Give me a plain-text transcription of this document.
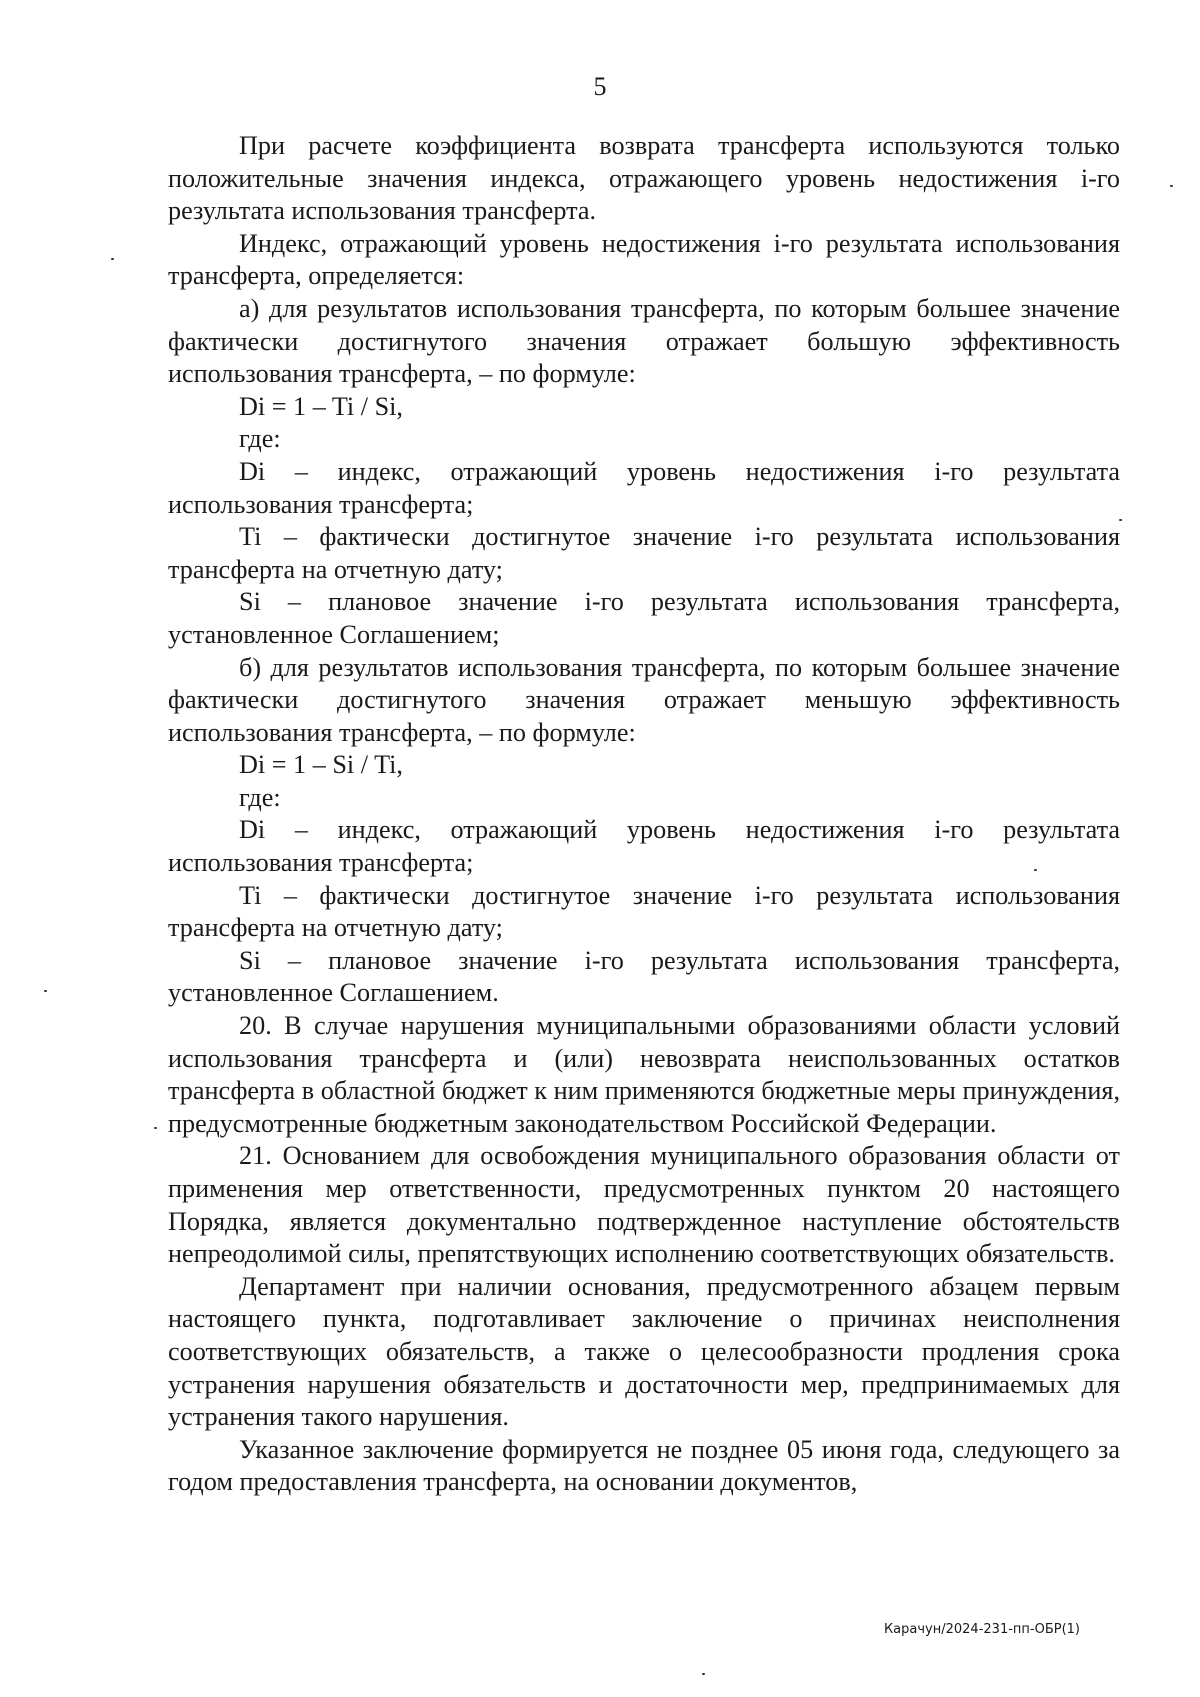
5

При расчете коэффициента возврата трансферта используются только положительные значения индекса, отражающего уровень недостижения i-го результата использования трансферта.

Индекс, отражающий уровень недостижения i-го результата использования трансферта, определяется:

а) для результатов использования трансферта, по которым большее значение фактически достигнутого значения отражает большую эффективность использования трансферта, – по формуле:

Di = 1 – Ti / Si,

где:

Di – индекс, отражающий уровень недостижения i-го результата использования трансферта;

Ti – фактически достигнутое значение i-го результата использования трансферта на отчетную дату;

Si – плановое значение i-го результата использования трансферта, установленное Соглашением;

б) для результатов использования трансферта, по которым большее значение фактически достигнутого значения отражает меньшую эффективность использования трансферта, – по формуле:

Di = 1 – Si / Ti,

где:

Di – индекс, отражающий уровень недостижения i-го результата использования трансферта;

Ti – фактически достигнутое значение i-го результата использования трансферта на отчетную дату;

Si – плановое значение i-го результата использования трансферта, установленное Соглашением.

20. В случае нарушения муниципальными образованиями области условий использования трансферта и (или) невозврата неиспользованных остатков трансферта в областной бюджет к ним применяются бюджетные меры принуждения, предусмотренные бюджетным законодательством Российской Федерации.

21. Основанием для освобождения муниципального образования области от применения мер ответственности, предусмотренных пунктом 20 настоящего Порядка, является документально подтвержденное наступление обстоятельств непреодолимой силы, препятствующих исполнению соответствующих обязательств.

Департамент при наличии основания, предусмотренного абзацем первым настоящего пункта, подготавливает заключение о причинах неисполнения соответствующих обязательств, а также о целесообразности продления срока устранения нарушения обязательств и достаточности мер, предпринимаемых для устранения такого нарушения.

Указанное заключение формируется не позднее 05 июня года, следующего за годом предоставления трансферта, на основании документов,

Карачун/2024-231-пп-ОБР(1)
